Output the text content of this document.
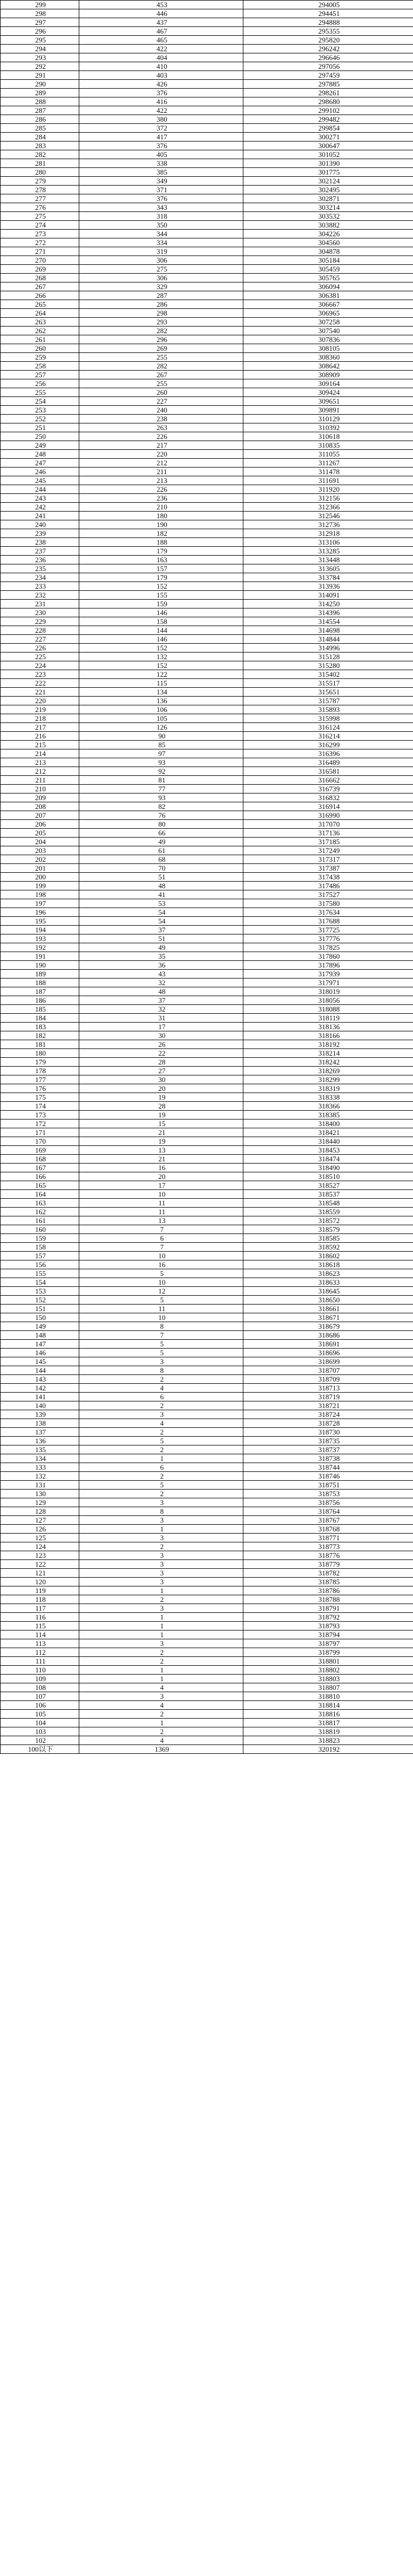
299	453	294005
298	446	294451
297	437	294888
296	467	295355
295	465	295820
294	422	296242
293	404	296646
292	410	297056
291	403	297459
290	426	297885
289	376	298261
288	416	298680
287	422	299102
286	380	299482
285	372	299854
284	417	300271
283	376	300647
282	405	301052
281	338	301390
280	385	301775
279	349	302124
278	371	302495
277	376	302871
276	343	303214
275	318	303532
274	350	303882
273	344	304226
272	334	304560
271	319	304878
270	306	305184
269	275	305459
268	306	305765
267	329	306094
266	287	306381
265	286	306667
264	298	306965
263	293	307258
262	282	307540
261	296	307836
260	269	308105
259	255	308360
258	282	308642
257	267	308909
256	255	309164
255	260	309424
254	227	309651
253	240	309891
252	238	310129
251	263	310392
250	226	310618
249	217	310835
248	220	311055
247	212	311267
246	211	311478
245	213	311691
244	226	311920
243	236	312156
242	210	312366
241	180	312546
240	190	312736
239	182	312918
238	188	313106
237	179	313285
236	163	313448
235	157	313605
234	179	313784
233	152	313936
232	155	314091
231	159	314250
230	146	314396
229	158	314554
228	144	314698
227	146	314844
226	152	314996
225	132	315128
224	152	315280
223	122	315402
222	115	315517
221	134	315651
220	136	315787
219	106	315893
218	105	315998
217	126	316124
216	90	316214
215	85	316299
214	97	316396
213	93	316489
212	92	316581
211	81	316662
210	77	316739
209	93	316832
208	82	316914
207	76	316990
206	80	317070
205	66	317136
204	49	317185
203	61	317249
202	68	317317
201	70	317387
200	51	317438
199	48	317486
198	41	317527
197	53	317580
196	54	317634
195	54	317688
194	37	317725
193	51	317776
192	49	317825
191	35	317860
190	36	317896
189	43	317939
188	32	317971
187	48	318019
186	37	318056
185	32	318088
184	31	318119
183	17	318136
182	30	318166
181	26	318192
180	22	318214
179	28	318242
178	27	318269
177	30	318299
176	20	318319
175	19	318338
174	28	318366
173	19	318385
172	15	318400
171	21	318421
170	19	318440
169	13	318453
168	21	318474
167	16	318490
166	20	318510
165	17	318527
164	10	318537
163	11	318548
162	11	318559
161	13	318572
160	7	318579
159	6	318585
158	7	318592
157	10	318602
156	16	318618
155	5	318623
154	10	318633
153	12	318645
152	5	318650
151	11	318661
150	10	318671
149	8	318679
148	7	318686
147	5	318691
146	5	318696
145	3	318699
144	8	318707
143	2	318709
142	4	318713
141	6	318719
140	2	318721
139	3	318724
138	4	318728
137	2	318730
136	5	318735
135	2	318737
134	1	318738
133	6	318744
132	2	318746
131	5	318751
130	2	318753
129	3	318756
128	8	318764
127	3	318767
126	1	318768
125	3	318771
124	2	318773
123	3	318776
122	3	318779
121	3	318782
120	3	318785
119	1	318786
118	2	318788
117	3	318791
116	1	318792
115	1	318793
114	1	318794
113	3	318797
112	2	318799
111	2	318801
110	1	318802
109	1	318803
108	4	318807
107	3	318810
106	4	318814
105	2	318816
104	1	318817
103	2	318819
102	4	318823
100以下	1369	320192
